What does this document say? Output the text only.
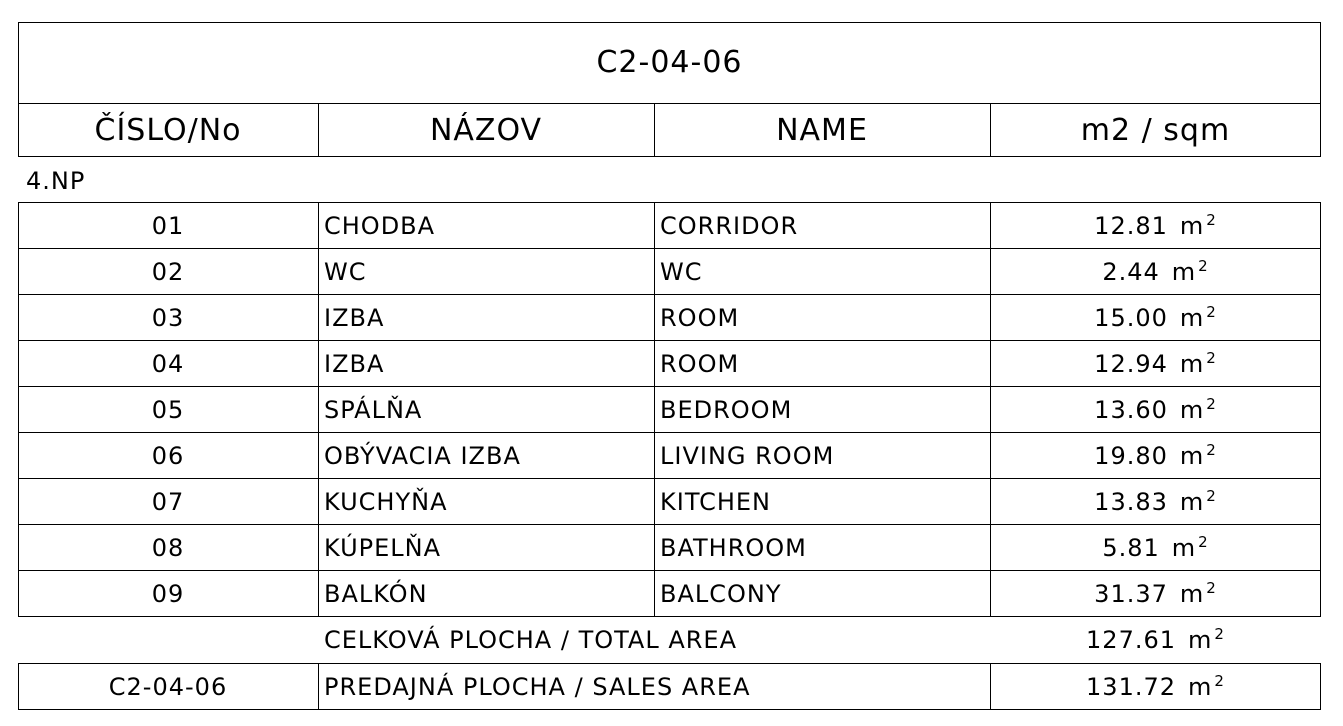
C2-04-06
ČÍSLO/No	NÁZOV	NAME	m2 / sqm
4.NP
01	CHODBA	CORRIDOR	12.81 $m^2$
02	WC	WC	2.44 $m^2$
03	IZBA	ROOM	15.00 $m^2$
04	IZBA	ROOM	12.94 $m^2$
05	SPÁLŇA	BEDROOM	13.60 $m^2$
06	OBÝVACIA IZBA	LIVING ROOM	19.80 $m^2$
07	KUCHYŇA	KITCHEN	13.83 $m^2$
08	KÚPELŇA	BATHROOM	5.81 $m^2$
09	BALKÓN	BALCONY	31.37 $m^2$
CELKOVÁ PLOCHA / TOTAL AREA	127.61 $m^2$
C2-04-06	PREDAJNÁ PLOCHA / SALES AREA	131.72 $m^2$
